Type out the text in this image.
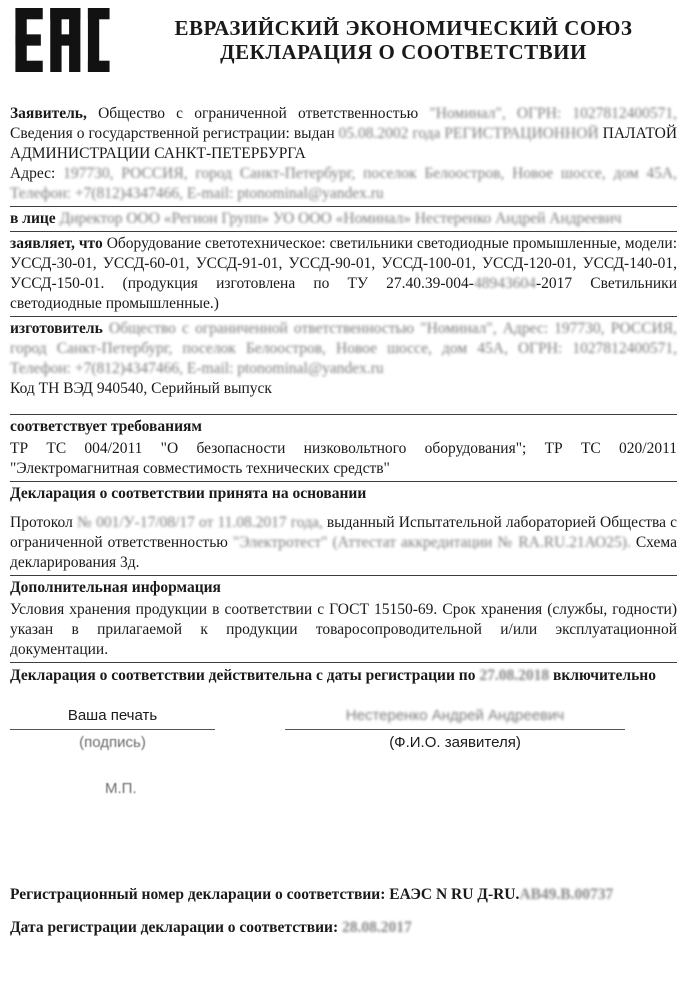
ЕВРАЗИЙСКИЙ ЭКОНОМИЧЕСКИЙ СОЮЗ
ДЕКЛАРАЦИЯ О СООТВЕТСТВИИ

Заявитель, Общество с ограниченной ответственностью "Номинал", ОГРН: 1027812400571, Сведения о государственной регистрации: выдан 05.08.2002 года РЕГИСТРАЦИОННОЙ ПАЛАТОЙ АДМИНИСТРАЦИИ САНКТ-ПЕТЕРБУРГА

Адрес: 197730, РОССИЯ, город Санкт-Петербург, поселок Белоостров, Новое шоссе, дом 45А, Телефон: +7(812)4347466, E-mail: ptonominal@yandex.ru

в лице Директор ООО «Регион Групп» УО ООО «Номинал» Нестеренко Андрей Андреевич

заявляет, что Оборудование светотехническое: светильники светодиодные промышленные, модели: УССД-30-01, УССД-60-01, УССД-91-01, УССД-90-01, УССД-100-01, УССД-120-01, УССД-140-01, УССД-150-01. (продукция изготовлена по ТУ 27.40.39-004-48943604-2017 Светильники светодиодные промышленные.)

изготовитель Общество с ограниченной ответственностью "Номинал", Адрес: 197730, РОССИЯ, город Санкт-Петербург, поселок Белоостров, Новое шоссе, дом 45А, ОГРН: 1027812400571, Телефон: +7(812)4347466, E-mail: ptonominal@yandex.ru

Код ТН ВЭД 940540, Серийный выпуск

соответствует требованиям

ТР ТС 004/2011 "О безопасности низковольтного оборудования"; ТР ТС 020/2011 "Электромагнитная совместимость технических средств"

Декларация о соответствии принята на основании

Протокол № 001/У-17/08/17 от 11.08.2017 года, выданный Испытательной лабораторией Общества с ограниченной ответственностью "Электротест" (Аттестат аккредитации № RA.RU.21АО25). Схема декларирования 3д.

Дополнительная информация

Условия хранения продукции в соответствии с ГОСТ 15150-69. Срок хранения (службы, годности) указан в прилагаемой к продукции товаросопроводительной и/или эксплуатационной документации.

Декларация о соответствии действительна с даты регистрации по 27.08.2018 включительно

Ваша печать
(подпись)
Нестеренко Андрей Андреевич
(Ф.И.О. заявителя)
М.П.

Регистрационный номер декларации о соответствии: ЕАЭС N RU Д-RU.АВ49.В.00737

Дата регистрации декларации о соответствии: 28.08.2017
